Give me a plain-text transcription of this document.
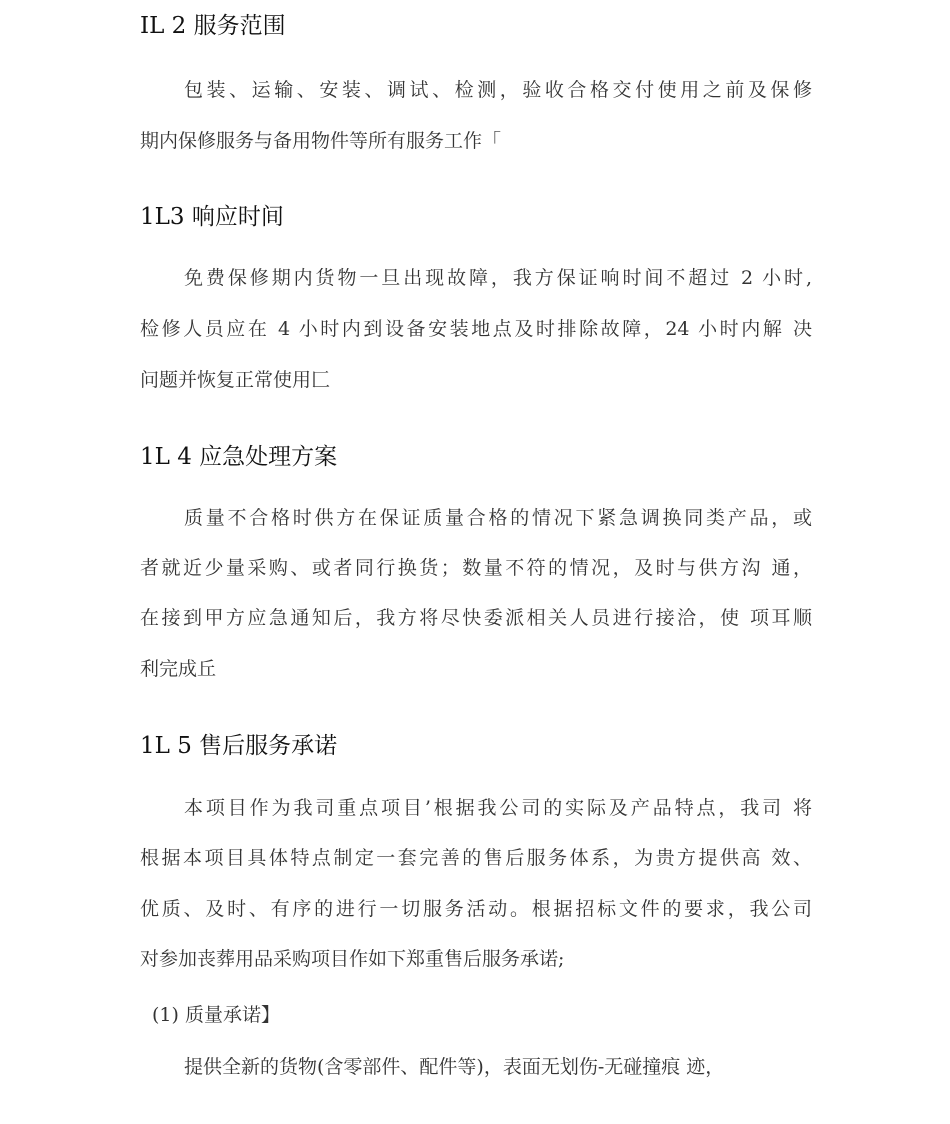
IL 2 服务范围
包装、运输、安装、调试、检测，验收合格交付使用之前及保修
期内保修服务与备用物件等所有服务工作「
1L3 响应时间
免费保修期内货物一旦出现故障，我方保证响时间不超过 2 小时,
检修人员应在 4 小时内到设备安装地点及时排除故障，24 小时内解 决
问题并恢复正常使用匚
1L 4 应急处理方案
质量不合格时供方在保证质量合格的情况下紧急调换同类产品，或
者就近少量采购、或者同行换货；数量不符的情况，及时与供方沟 通，
在接到甲方应急通知后，我方将尽快委派相关人员进行接洽，使 项耳顺
利完成丘
1L 5 售后服务承诺
本项目作为我司重点项目’根据我公司的实际及产品特点，我司 将
根据本项目具体特点制定一套完善的售后服务体系，为贵方提供高 效、
优质、及时、有序的进行一切服务活动。根据招标文件的要求，我公司
对参加丧葬用品采购项目作如下郑重售后服务承诺;
(1) 质量承诺】
提供全新的货物(含零部件、配件等)，表面无划伤-无碰撞痕 迹，
